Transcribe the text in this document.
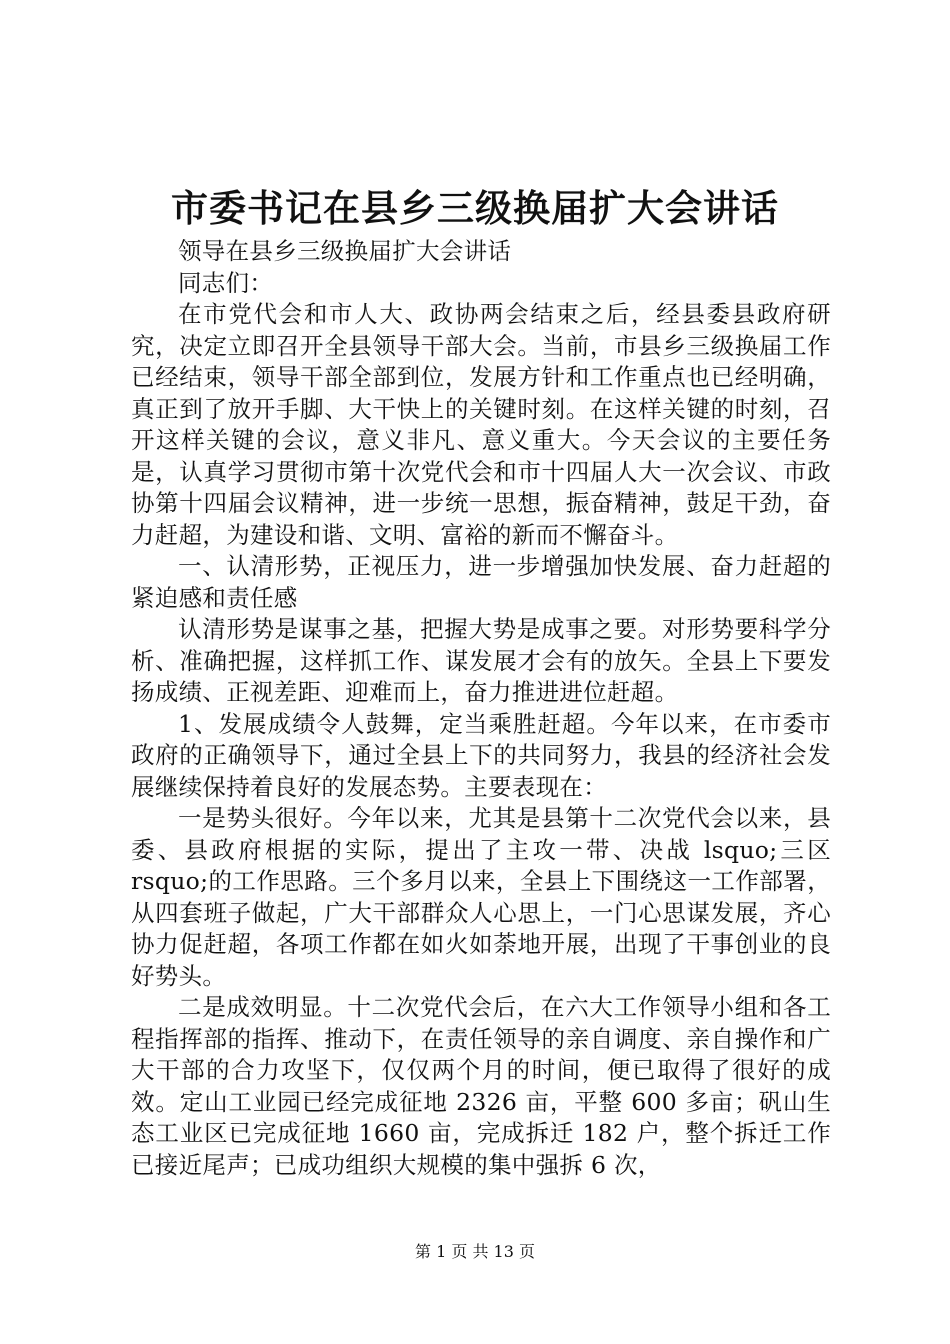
市委书记在县乡三级换届扩大会讲话

领导在县乡三级换届扩大会讲话

同志们：

在市党代会和市人大、政协两会结束之后，经县委县政府研究，决定立即召开全县领导干部大会。当前，市县乡三级换届工作已经结束，领导干部全部到位，发展方针和工作重点也已经明确，真正到了放开手脚、大干快上的关键时刻。在这样关键的时刻，召开这样关键的会议，意义非凡、意义重大。今天会议的主要任务是，认真学习贯彻市第十次党代会和市十四届人大一次会议、市政协第十四届会议精神，进一步统一思想，振奋精神，鼓足干劲，奋力赶超，为建设和谐、文明、富裕的新而不懈奋斗。

一、认清形势，正视压力，进一步增强加快发展、奋力赶超的紧迫感和责任感

认清形势是谋事之基，把握大势是成事之要。对形势要科学分析、准确把握，这样抓工作、谋发展才会有的放矢。全县上下要发扬成绩、正视差距、迎难而上，奋力推进进位赶超。

1、发展成绩令人鼓舞，定当乘胜赶超。今年以来，在市委市政府的正确领导下，通过全县上下的共同努力，我县的经济社会发展继续保持着良好的发展态势。主要表现在：

一是势头很好。今年以来，尤其是县第十二次党代会以来，县委、县政府根据的实际，提出了主攻一带、决战 lsquo;三区 rsquo;的工作思路。三个多月以来，全县上下围绕这一工作部署，从四套班子做起，广大干部群众人心思上，一门心思谋发展，齐心协力促赶超，各项工作都在如火如荼地开展，出现了干事创业的良好势头。

二是成效明显。十二次党代会后，在六大工作领导小组和各工程指挥部的指挥、推动下，在责任领导的亲自调度、亲自操作和广大干部的合力攻坚下，仅仅两个月的时间，便已取得了很好的成效。定山工业园已经完成征地 2326 亩，平整 600 多亩；矾山生态工业区已完成征地 1660 亩，完成拆迁 182 户，整个拆迁工作已接近尾声；已成功组织大规模的集中强拆 6 次，

第 1 页 共 13 页
